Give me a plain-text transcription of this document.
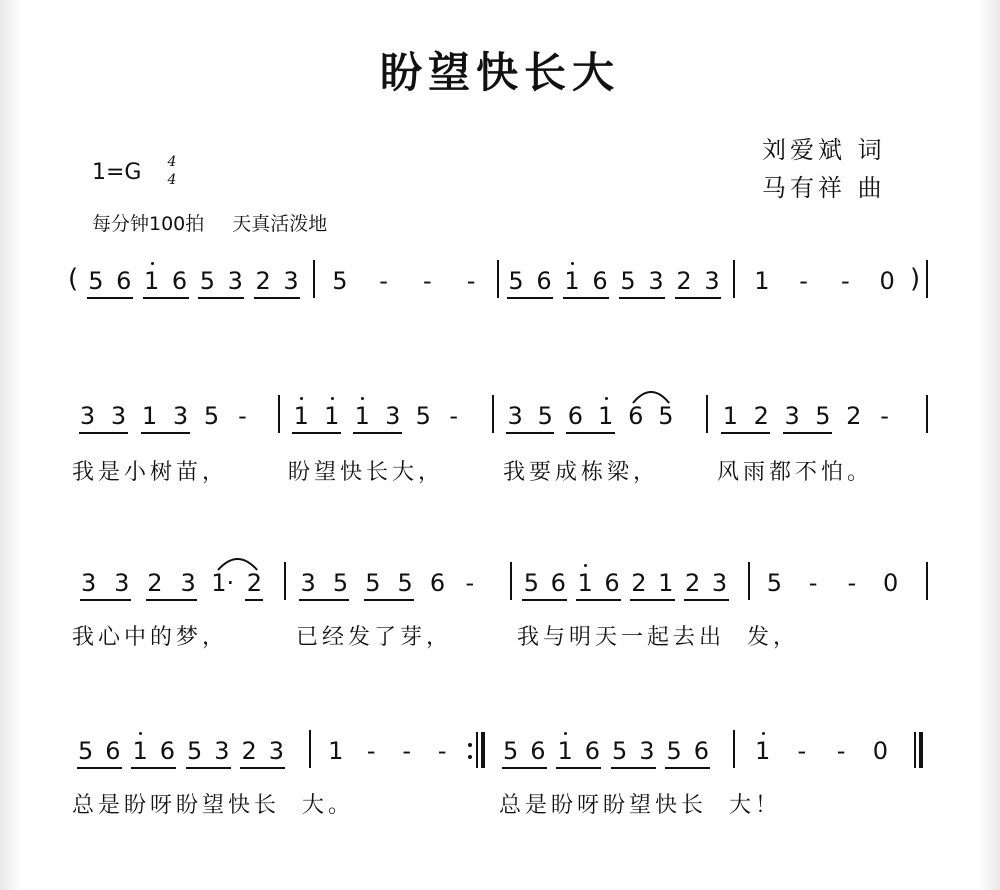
盼望快长大
刘爱斌 词
马有祥 曲
1=G 4
4
每分钟100拍 天真活泼地
( 5 6 1 6 5 3 2 3 5 - - - 5 6 1 6 5 3 2 3	)
1 - - 0
3 3 1 3 5 - 1 1 1 3 5 - 3 5 6 1 6 5 1 2 3 5 2 -
3 3 2 3 1· 2 3 5 5 5 6 - 5 6 1 6 2 1 2 3 5 - - 0
5 6 1 6 5 3 2 3 1 - - - 5 6 1 6 5 3 5 6 1 - - 0
我是小树苗，	盼望快长大，	我要成栋梁，	风雨都不怕。
我心中的梦，	已经发了芽，	我与明天一起去出  发，
总是盼呀盼望快长  大。	总是盼呀盼望快长  大！
